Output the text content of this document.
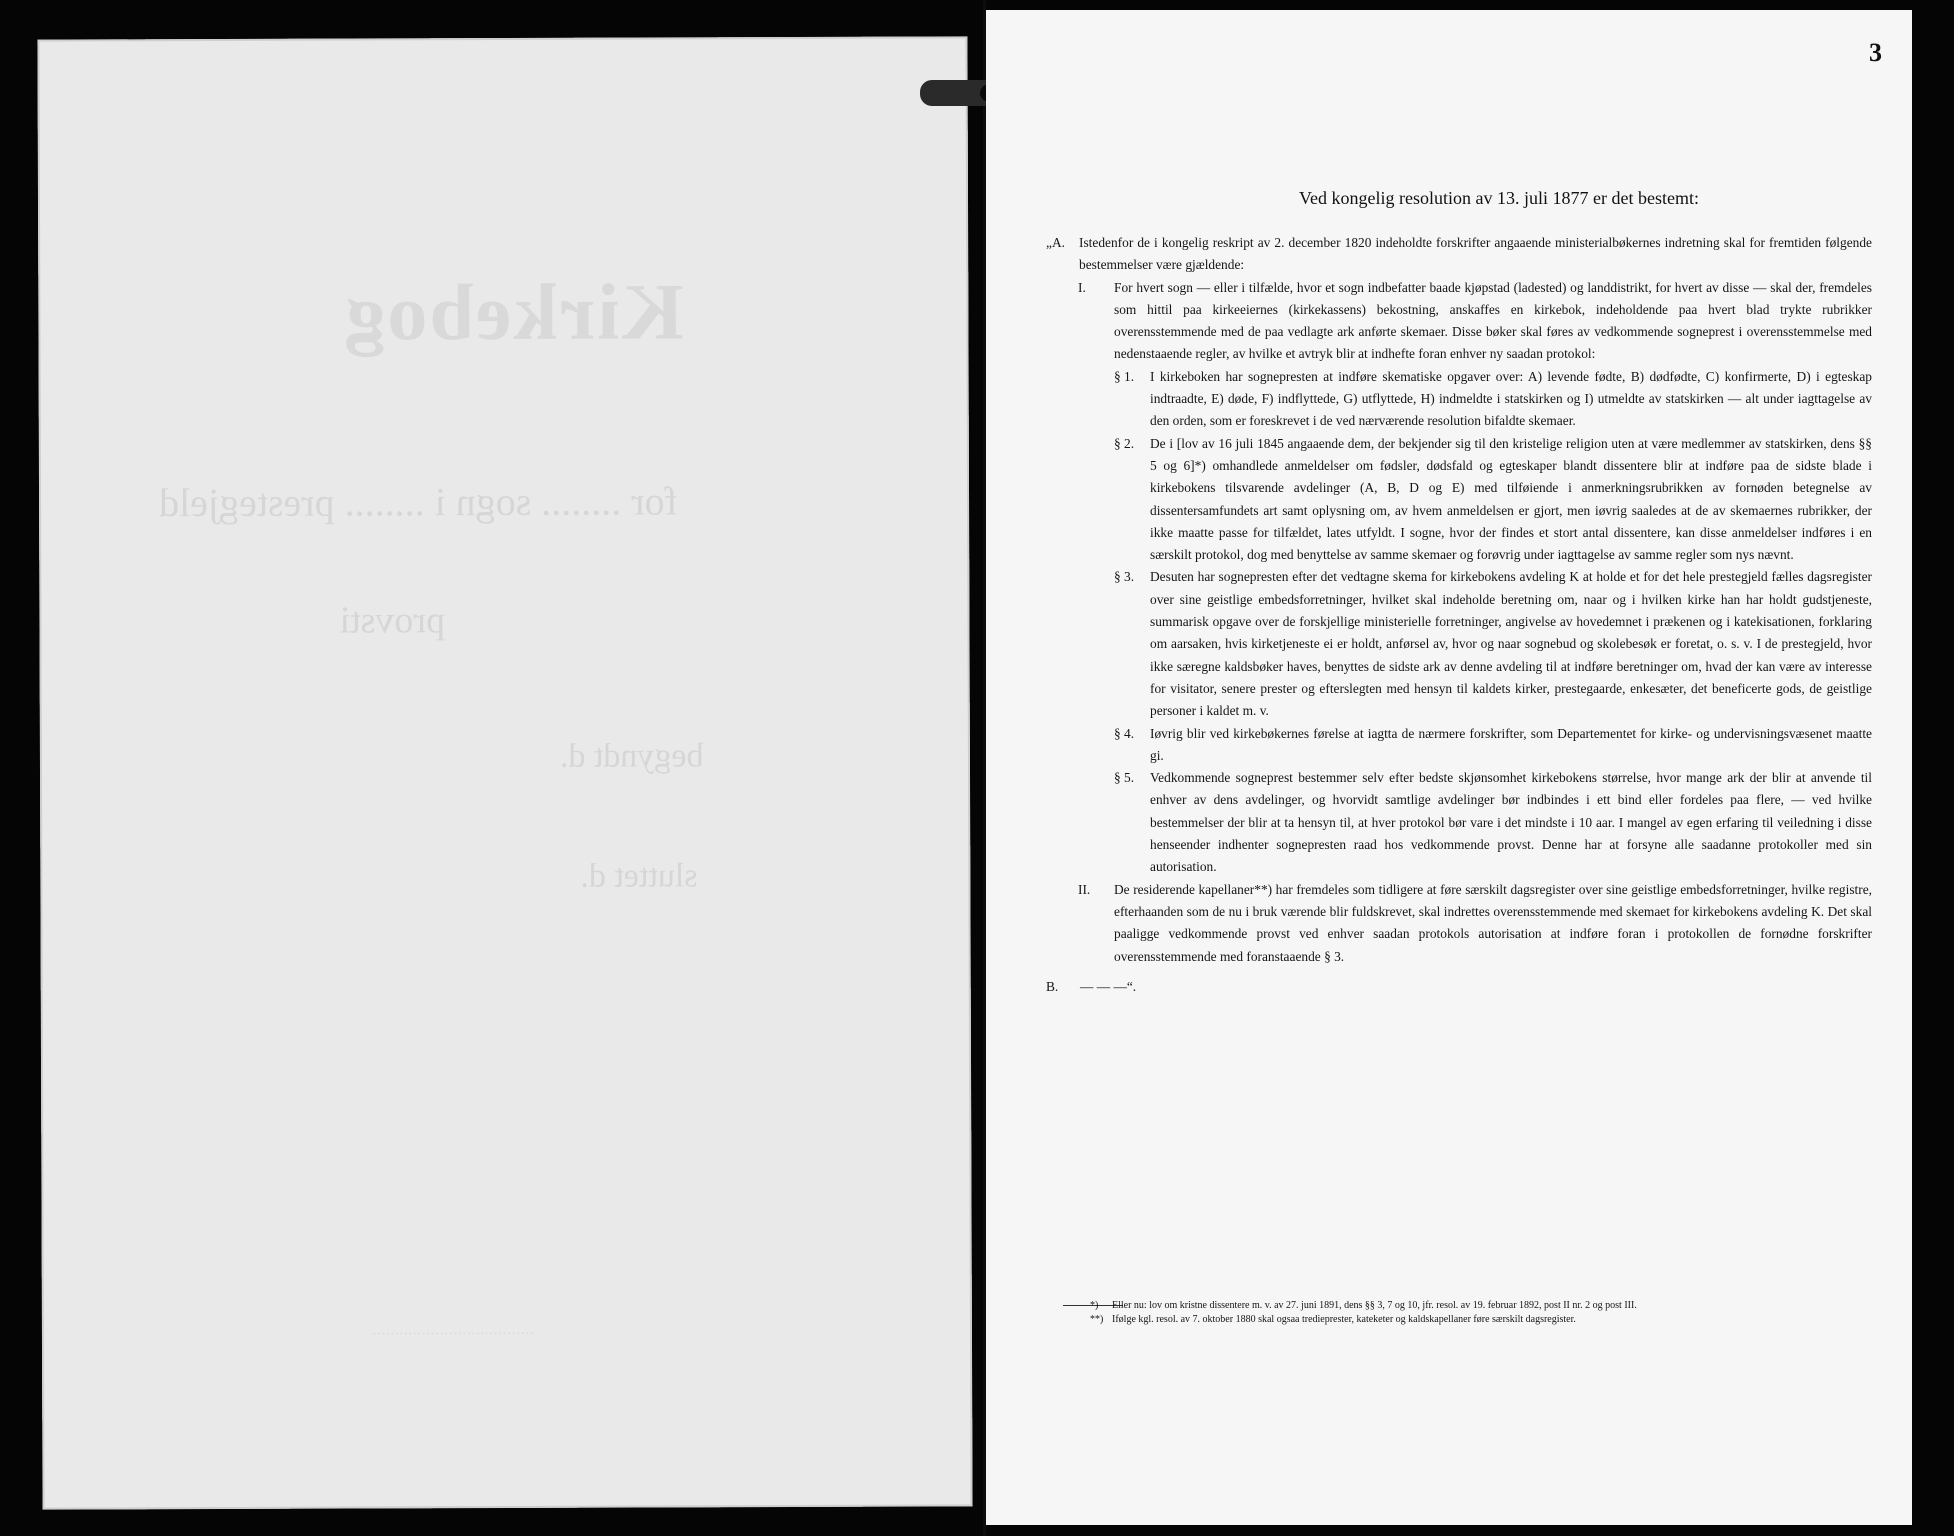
Kirkebog
for ........ sogn i ........ prestegjeld
provsti
begyndt d.
sluttet d.
....................................
3
Ved kongelig resolution av 13. juli 1877 er det bestemt:
„A.	Istedenfor de i kongelig reskript av 2. december 1820 indeholdte forskrifter angaaende ministerialbøkernes indretning skal for fremtiden følgende bestemmelser være gjældende:
I.	For hvert sogn — eller i tilfælde, hvor et sogn indbefatter baade kjøpstad (ladested) og landdistrikt, for hvert av disse — skal der, fremdeles som hittil paa kirkeeiernes (kirkekassens) bekostning, anskaffes en kirkebok, indeholdende paa hvert blad trykte rubrikker overensstemmende med de paa vedlagte ark anførte skemaer. Disse bøker skal føres av vedkommende sogneprest i overensstemmelse med nedenstaaende regler, av hvilke et avtryk blir at indhefte foran enhver ny saadan protokol:
§ 1.	I kirkeboken har sognepresten at indføre skematiske opgaver over: A) levende fødte, B) dødfødte, C) konfirmerte, D) i egteskap indtraadte, E) døde, F) indflyttede, G) utflyttede, H) indmeldte i statskirken og I) utmeldte av statskirken — alt under iagttagelse av den orden, som er foreskrevet i de ved nærværende resolution bifaldte skemaer.
§ 2.	De i [lov av 16 juli 1845 angaaende dem, der bekjender sig til den kristelige religion uten at være medlemmer av statskirken, dens §§ 5 og 6]*) omhandlede anmeldelser om fødsler, dødsfald og egteskaper blandt dissentere blir at indføre paa de sidste blade i kirkebokens tilsvarende avdelinger (A, B, D og E) med tilføiende i anmerkningsrubrikken av fornøden betegnelse av dissentersamfundets art samt oplysning om, av hvem anmeldelsen er gjort, men iøvrig saaledes at de av skemaernes rubrikker, der ikke maatte passe for tilfældet, lates utfyldt. I sogne, hvor der findes et stort antal dissentere, kan disse anmeldelser indføres i en særskilt protokol, dog med benyttelse av samme skemaer og forøvrig under iagttagelse av samme regler som nys nævnt.
§ 3.	Desuten har sognepresten efter det vedtagne skema for kirkebokens avdeling K at holde et for det hele prestegjeld fælles dagsregister over sine geistlige embedsforretninger, hvilket skal indeholde beretning om, naar og i hvilken kirke han har holdt gudstjeneste, summarisk opgave over de forskjellige ministerielle forretninger, angivelse av hovedemnet i prækenen og i katekisationen, forklaring om aarsaken, hvis kirketjeneste ei er holdt, anførsel av, hvor og naar sognebud og skolebesøk er foretat, o. s. v. I de prestegjeld, hvor ikke særegne kaldsbøker haves, benyttes de sidste ark av denne avdeling til at indføre beretninger om, hvad der kan være av interesse for visitator, senere prester og efterslegten med hensyn til kaldets kirker, prestegaarde, enkesæter, det beneficerte gods, de geistlige personer i kaldet m. v.
§ 4.	Iøvrig blir ved kirkebøkernes førelse at iagtta de nærmere forskrifter, som Departementet for kirke- og undervisningsvæsenet maatte gi.
§ 5.	Vedkommende sogneprest bestemmer selv efter bedste skjønsomhet kirkebokens størrelse, hvor mange ark der blir at anvende til enhver av dens avdelinger, og hvorvidt samtlige avdelinger bør indbindes i ett bind eller fordeles paa flere, — ved hvilke bestemmelser der blir at ta hensyn til, at hver protokol bør vare i det mindste i 10 aar. I mangel av egen erfaring til veiledning i disse henseender indhenter sognepresten raad hos vedkommende provst. Denne har at forsyne alle saadanne protokoller med sin autorisation.
II.	De residerende kapellaner**) har fremdeles som tidligere at føre særskilt dagsregister over sine geistlige embedsforretninger, hvilke registre, efterhaanden som de nu i bruk værende blir fuldskrevet, skal indrettes overensstemmende med skemaet for kirkebokens avdeling K. Det skal paaligge vedkommende provst ved enhver saadan protokols autorisation at indføre foran i protokollen de fornødne forskrifter overensstemmende med foranstaaende § 3.
B.	— — —“.
*)	Eller nu: lov om kristne dissentere m. v. av 27. juni 1891, dens §§ 3, 7 og 10, jfr. resol. av 19. februar 1892, post II nr. 2 og post III.
**) Ifølge kgl. resol. av 7. oktober 1880 skal ogsaa tredieprester, kateketer og kaldskapellaner føre særskilt dagsregister.
